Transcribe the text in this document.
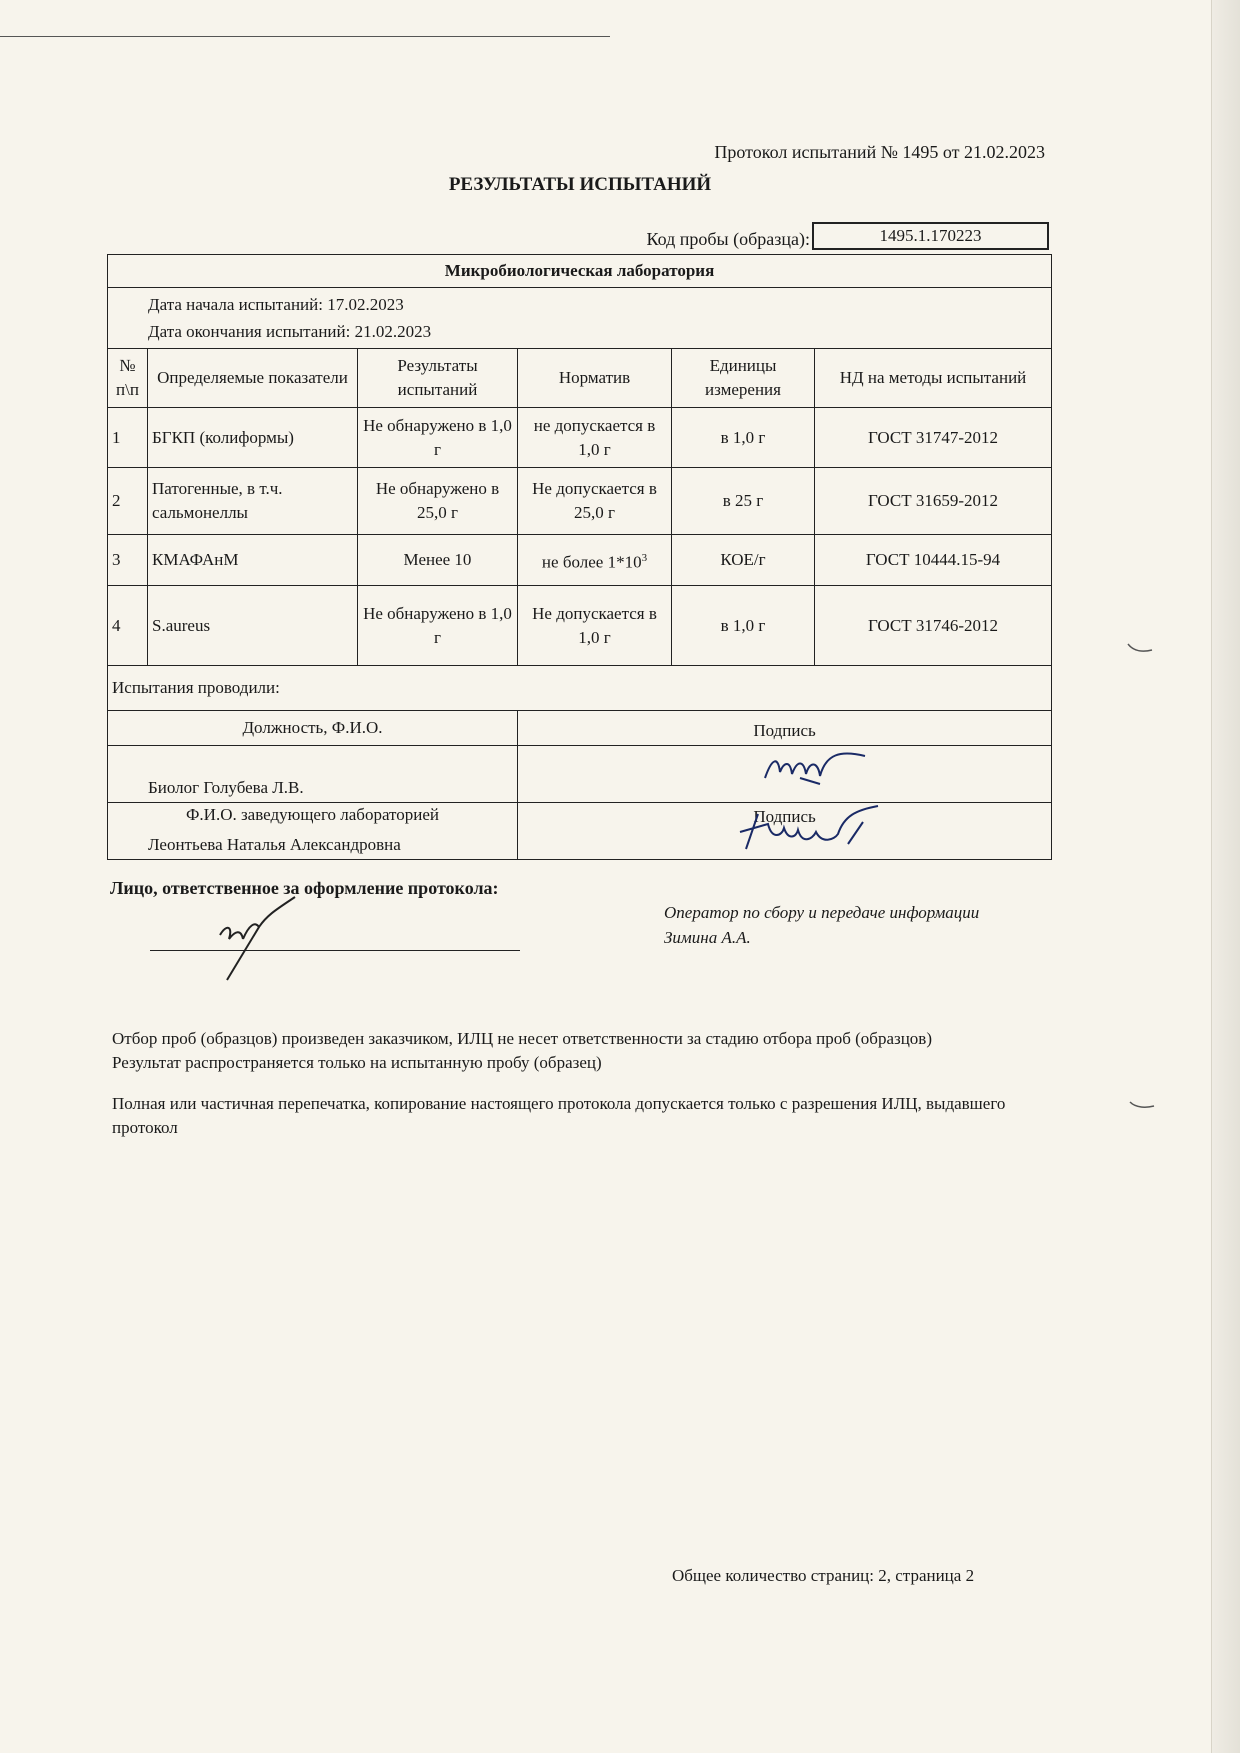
Протокол испытаний № 1495 от 21.02.2023
РЕЗУЛЬТАТЫ ИСПЫТАНИЙ
Код пробы (образца):	1495.1.170223
Микробиологическая лаборатория					

Дата начала испытаний: 17.02.2023
Дата окончания испытаний: 21.02.2023					

№ п\п	Определяемые показатели	Результаты испытаний	Норматив	Единицы измерения	НД на методы испытаний
1	БГКП (колиформы)	Не обнаружено в 1,0 г	не допускается в 1,0 г	в 1,0 г	ГОСТ 31747-2012
2	Патогенные, в т.ч. сальмонеллы	Не обнаружено в 25,0 г	Не допускается в 25,0 г	в 25 г	ГОСТ 31659-2012
3	КМАФАнМ	Менее 10	не более $1*10^3$	КОЕ/г	ГОСТ 10444.15-94
4	S.aureus	Не обнаружено в 1,0 г	Не допускается в 1,0 г	в 1,0 г	ГОСТ 31746-2012
Испытания проводили:					
Должность, Ф.И.О.			Подпись		
Биолог Голубева Л.В.					

Ф.И.О. заведующего лабораторией
Леонтьева Наталья Александровна			Подпись		
Лицо, ответственное за оформление протокола:
Оператор по сбору и передаче информации
Зимина А.А.
Отбор проб (образцов) произведен заказчиком, ИЛЦ не несет ответственности за стадию отбора проб (образцов)
Результат распространяется только на испытанную пробу (образец)
Полная или частичная перепечатка, копирование настоящего протокола допускается только с разрешения ИЛЦ, выдавшего протокол
Общее количество страниц: 2, страница 2
